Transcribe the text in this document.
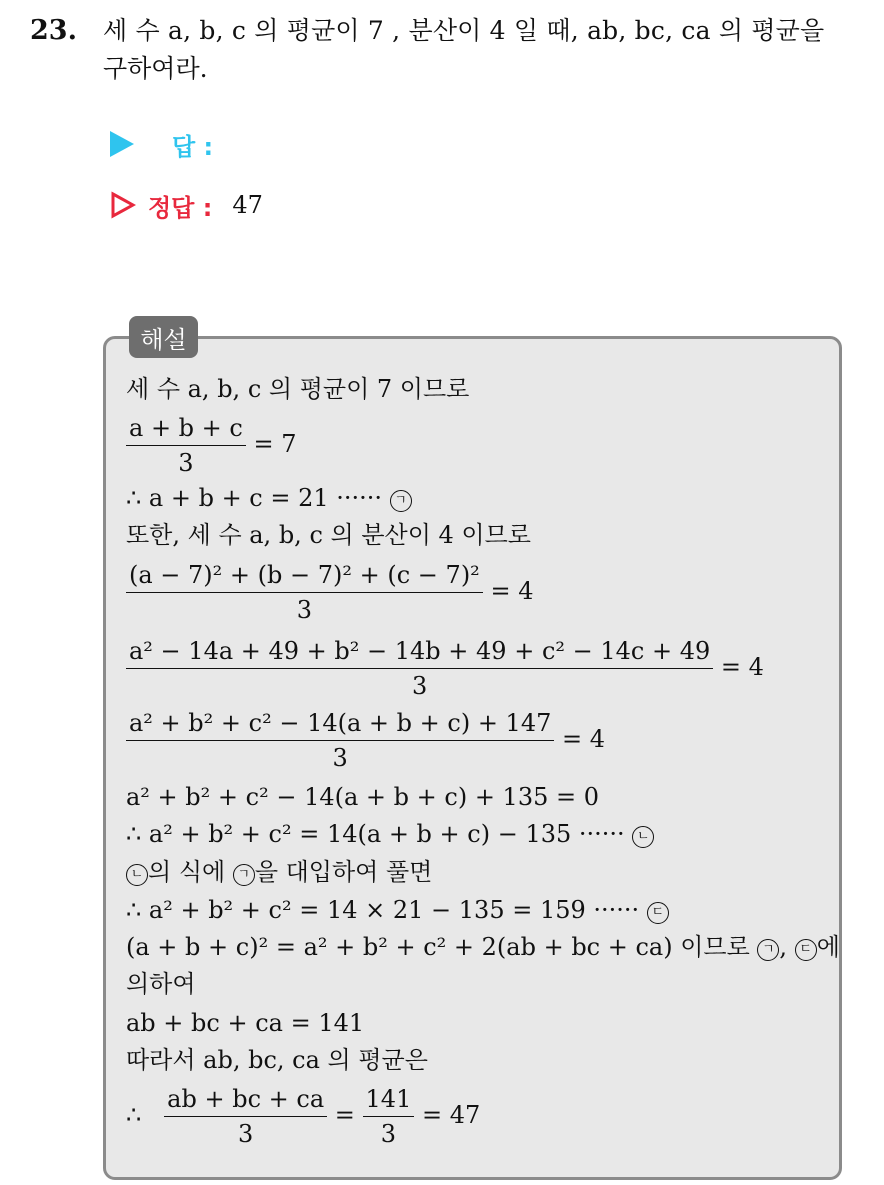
23. 세 수 a, b, c 의 평균이 7 , 분산이 4 일 때, ab, bc, ca 의 평균을
구하여라.
답 :
정답 : 47
해설
세 수 a, b, c 의 평균이 7 이므로
$\frac{a + b + c}{3} = 7$
∴ a + b + c = 21 ······ ㄱ
또한, 세 수 a, b, c 의 분산이 4 이므로
$\frac{\text{(a − 7)² + (b − 7)² + (c − 7)²}}{3} = 4$
$\frac{\text{a² − 14a + 49 + b² − 14b + 49 + c² − 14c + 49}}{3} = 4$
$\frac{\text{a² + b² + c² − 14(a + b + c) + 147}}{3} = 4$
a² + b² + c² − 14(a + b + c) + 135 = 0
∴ a² + b² + c² = 14(a + b + c) − 135 ······ ㄴ
ㄴ 의 식에 ㄱ 을 대입하여 풀면
∴ a² + b² + c² = 14 × 21 − 135 = 159 ······ ㄷ
(a + b + c)² = a² + b² + c² + 2(ab + bc + ca) 이므로 ㄱ , ㄷ 에
의하여
ab + bc + ca = 141
따라서 ab, bc, ca 의 평균은
∴ $\frac{ab + bc + ca}{3} = \frac{141}{3} = 47$
